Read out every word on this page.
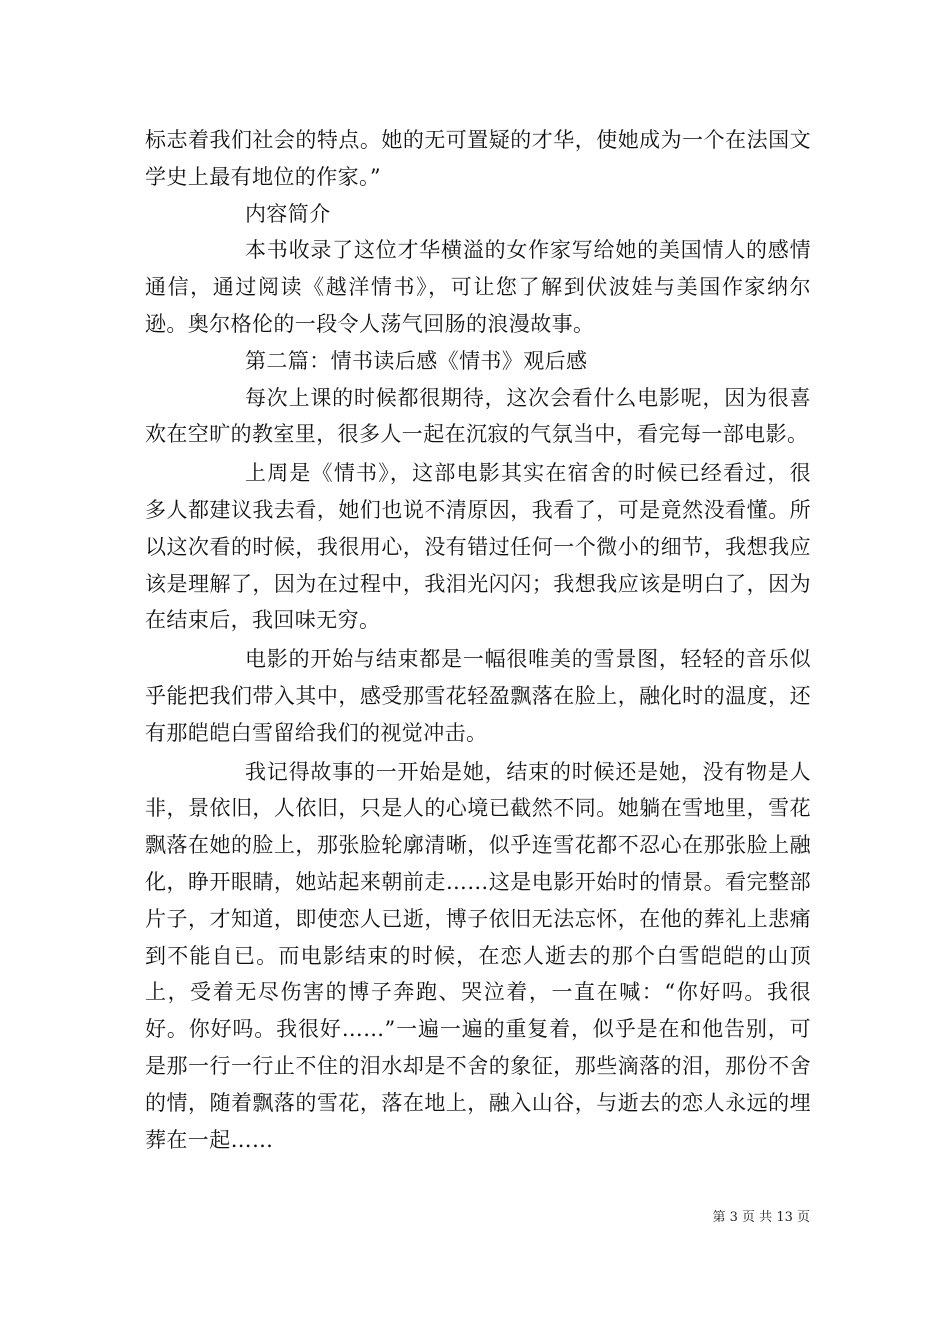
标志着我们社会的特点。她的无可置疑的才华，使她成为一个在法国文学史上最有地位的作家。”

内容简介

本书收录了这位才华横溢的女作家写给她的美国情人的感情通信，通过阅读《越洋情书》，可让您了解到伏波娃与美国作家纳尔逊。奥尔格伦的一段令人荡气回肠的浪漫故事。

第二篇：情书读后感《情书》观后感

每次上课的时候都很期待，这次会看什么电影呢，因为很喜欢在空旷的教室里，很多人一起在沉寂的气氛当中，看完每一部电影。

上周是《情书》，这部电影其实在宿舍的时候已经看过，很多人都建议我去看，她们也说不清原因，我看了，可是竟然没看懂。所以这次看的时候，我很用心，没有错过任何一个微小的细节，我想我应该是理解了，因为在过程中，我泪光闪闪；我想我应该是明白了，因为在结束后，我回味无穷。

电影的开始与结束都是一幅很唯美的雪景图，轻轻的音乐似乎能把我们带入其中，感受那雪花轻盈飘落在脸上，融化时的温度，还有那皑皑白雪留给我们的视觉冲击。

我记得故事的一开始是她，结束的时候还是她，没有物是人非，景依旧，人依旧，只是人的心境已截然不同。她躺在雪地里，雪花飘落在她的脸上，那张脸轮廓清晰，似乎连雪花都不忍心在那张脸上融化，睁开眼睛，她站起来朝前走……这是电影开始时的情景。看完整部片子，才知道，即使恋人已逝，博子依旧无法忘怀，在他的葬礼上悲痛到不能自已。而电影结束的时候，在恋人逝去的那个白雪皑皑的山顶上，受着无尽伤害的博子奔跑、哭泣着，一直在喊：“你好吗。我很好。你好吗。我很好……”一遍一遍的重复着，似乎是在和他告别，可是那一行一行止不住的泪水却是不舍的象征，那些滴落的泪，那份不舍的情，随着飘落的雪花，落在地上，融入山谷，与逝去的恋人永远的埋葬在一起……

第 3 页 共 13 页
